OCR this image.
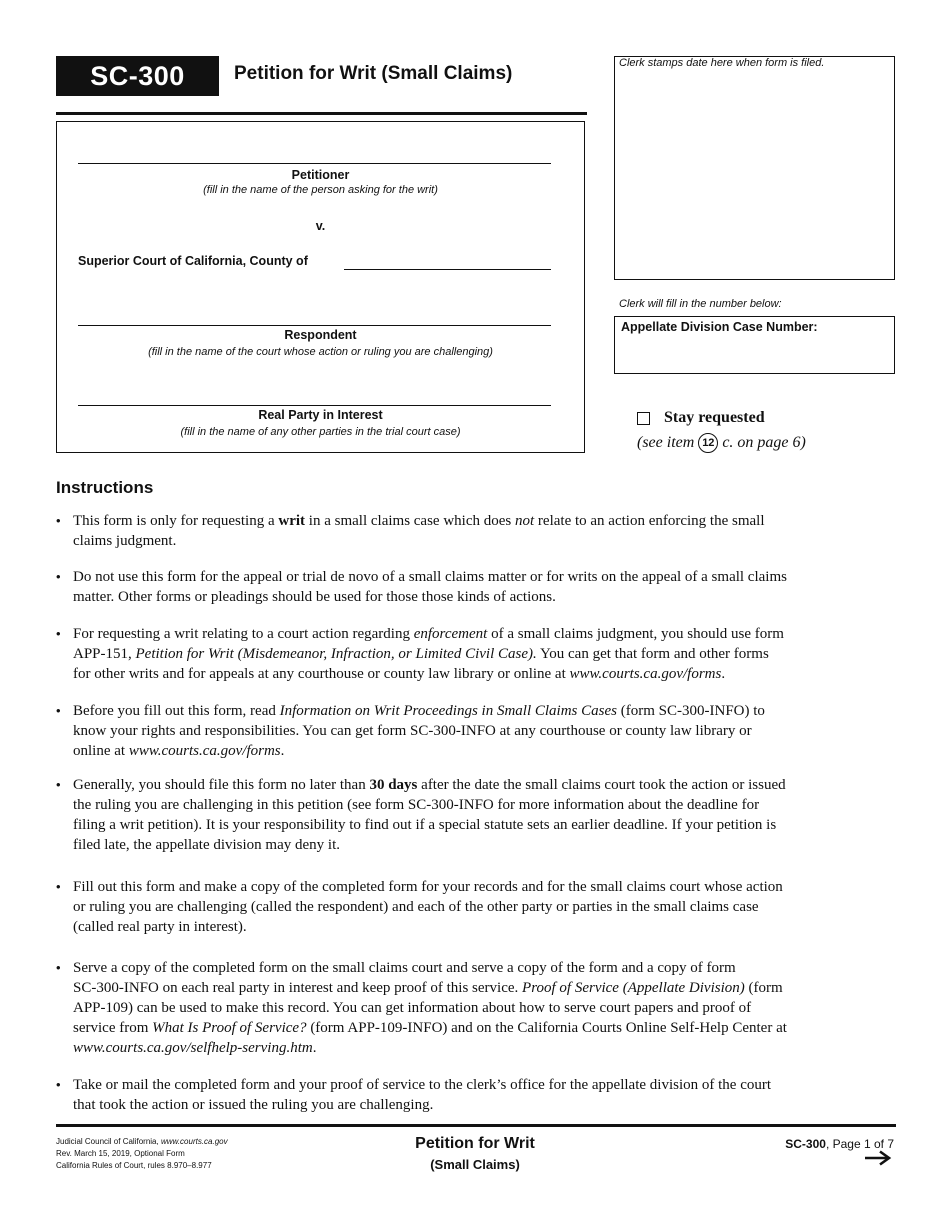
SC-300	Petition for Writ (Small Claims)
Petitioner
(fill in the name of the person asking for the writ)
v.
Superior Court of California, County of
Respondent
(fill in the name of the court whose action or ruling you are challenging)
Real Party in Interest
(fill in the name of any other parties in the trial court case)
Clerk stamps date here when form is filed.
Clerk will fill in the number below:
Appellate Division Case Number:
Stay requested
(see item 12 c. on page 6)
Instructions
• This form is only for requesting a writ in a small claims case which does not relate to an action enforcing the small
claims judgment.
• Do not use this form for the appeal or trial de novo of a small claims matter or for writs on the appeal of a small claims
matter. Other forms or pleadings should be used for those those kinds of actions.
• For requesting a writ relating to a court action regarding enforcement of a small claims judgment, you should use form
APP-151, Petition for Writ (Misdemeanor, Infraction, or Limited Civil Case). You can get that form and other forms
for other writs and for appeals at any courthouse or county law library or online at www.courts.ca.gov/forms.
• Before you fill out this form, read Information on Writ Proceedings in Small Claims Cases (form SC-300-INFO) to
know your rights and responsibilities. You can get form SC-300-INFO at any courthouse or county law library or
online at www.courts.ca.gov/forms.
• Generally, you should file this form no later than 30 days after the date the small claims court took the action or issued
the ruling you are challenging in this petition (see form SC-300-INFO for more information about the deadline for
filing a writ petition). It is your responsibility to find out if a special statute sets an earlier deadline. If your petition is
filed late, the appellate division may deny it.
• Fill out this form and make a copy of the completed form for your records and for the small claims court whose action
or ruling you are challenging (called the respondent) and each of the other party or parties in the small claims case
(called real party in interest).
• Serve a copy of the completed form on the small claims court and serve a copy of the form and a copy of form
SC-300-INFO on each real party in interest and keep proof of this service. Proof of Service (Appellate Division) (form
APP-109) can be used to make this record. You can get information about how to serve court papers and proof of
service from What Is Proof of Service? (form APP-109-INFO) and on the California Courts Online Self-Help Center at
www.courts.ca.gov/selfhelp-serving.htm.
• Take or mail the completed form and your proof of service to the clerk’s office for the appellate division of the court
that took the action or issued the ruling you are challenging.
Judicial Council of California, www.courts.ca.gov
Rev. March 15, 2019, Optional Form
California Rules of Court, rules 8.970–8.977
Petition for Writ
(Small Claims)
SC-300, Page 1 of 7
